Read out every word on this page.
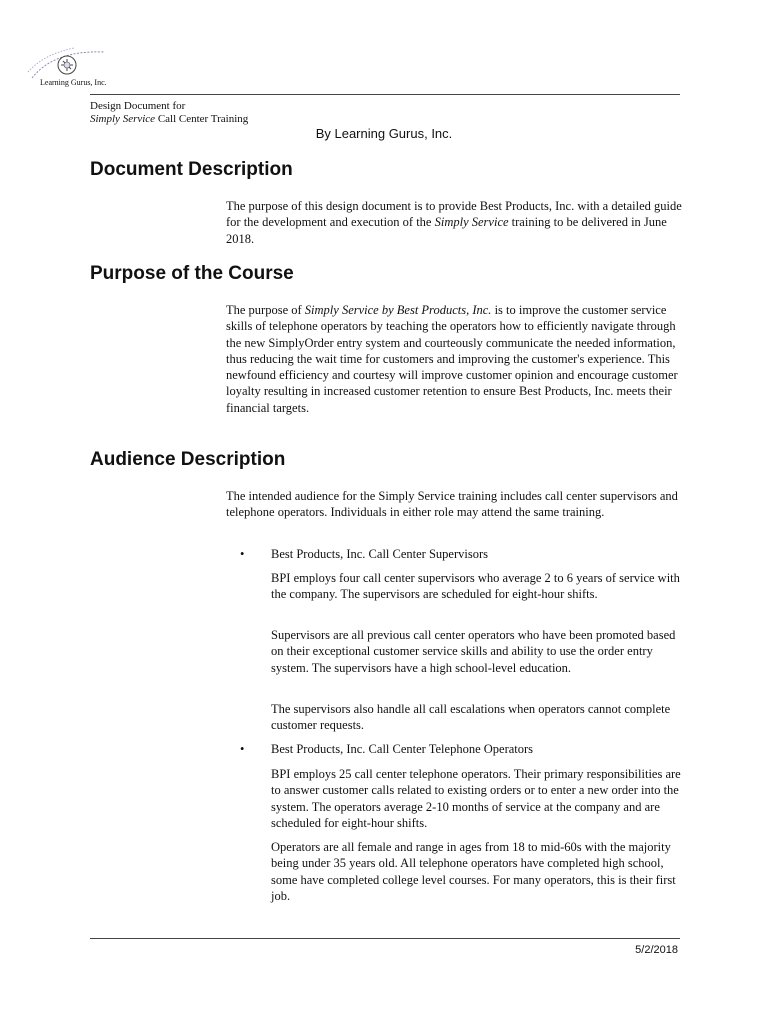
Learning Gurus, Inc.
Design Document for
Simply Service Call Center Training
By Learning Gurus, Inc.
Document Description

The purpose of this design document is to provide Best Products, Inc. with a detailed guide for the development and execution of the Simply Service training to be delivered in June 2018.

Purpose of the Course

The purpose of Simply Service by Best Products, Inc. is to improve the customer service skills of telephone operators by teaching the operators how to efficiently navigate through the new SimplyOrder entry system and courteously communicate the needed information, thus reducing the wait time for customers and improving the customer's experience. This newfound efficiency and courtesy will improve customer opinion and encourage customer loyalty resulting in increased customer retention to ensure Best Products, Inc. meets their financial targets.

Audience Description

The intended audience for the Simply Service training includes call center supervisors and telephone operators. Individuals in either role may attend the same training.

•	Best Products, Inc. Call Center Supervisors

BPI employs four call center supervisors who average 2 to 6 years of service with the company. The supervisors are scheduled for eight-hour shifts.

Supervisors are all previous call center operators who have been promoted based on their exceptional customer service skills and ability to use the order entry system. The supervisors have a high school-level education.

The supervisors also handle all call escalations when operators cannot complete customer requests.

•	Best Products, Inc. Call Center Telephone Operators

BPI employs 25 call center telephone operators. Their primary responsibilities are to answer customer calls related to existing orders or to enter a new order into the system. The operators average 2-10 months of service at the company and are scheduled for eight-hour shifts.

Operators are all female and range in ages from 18 to mid-60s with the majority being under 35 years old. All telephone operators have completed high school, some have completed college level courses. For many operators, this is their first job.

5/2/2018
